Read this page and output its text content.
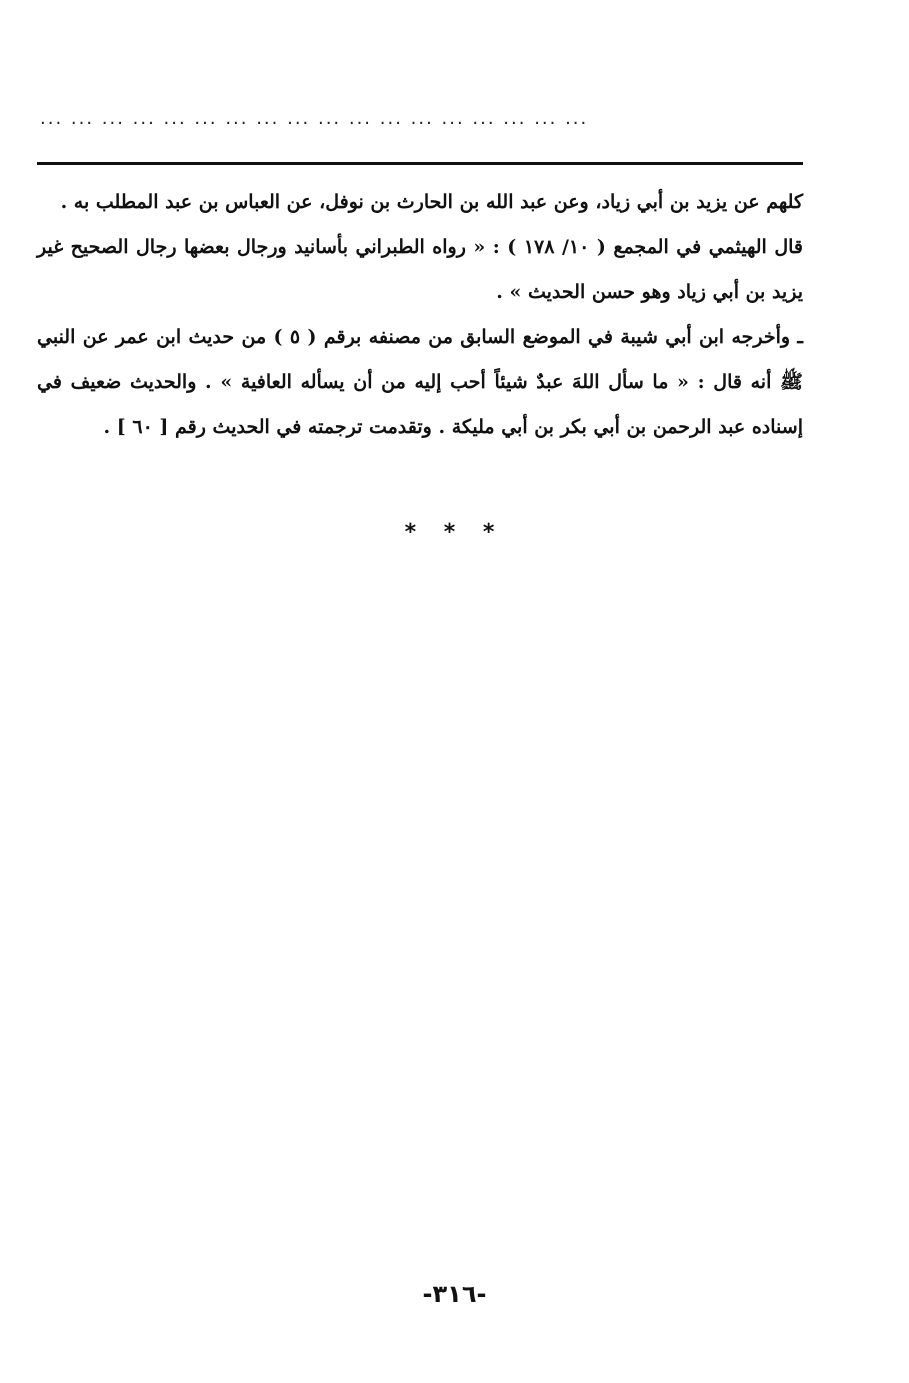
... ... ... ... ... ... ... ... ... ... ... ... ... ... ... ... ... ...

كلهم عن يزيد بن أبي زياد، وعن عبد الله بن الحارث بن نوفل، عن العباس بن عبد المطلب به .

قال الهيثمي في المجمع ( ١٠/ ١٧٨ ) : « رواه الطبراني بأسانيد ورجال بعضها رجال الصحيح غير يزيد بن أبي زياد وهو حسن الحديث » .

ـ وأخرجه ابن أبي شيبة في الموضع السابق من مصنفه برقم ( ٥ ) من حديث ابن عمر عن النبي ﷺ أنه قال : « ما سأل اللهَ عبدٌ شيئاً أحب إليه من أن يسأله العافية » . والحديث ضعيف في إسناده عبد الرحمن بن أبي بكر بن أبي مليكة . وتقدمت ترجمته في الحديث رقم [ ٦٠ ] .

* * *
-٣١٦-
